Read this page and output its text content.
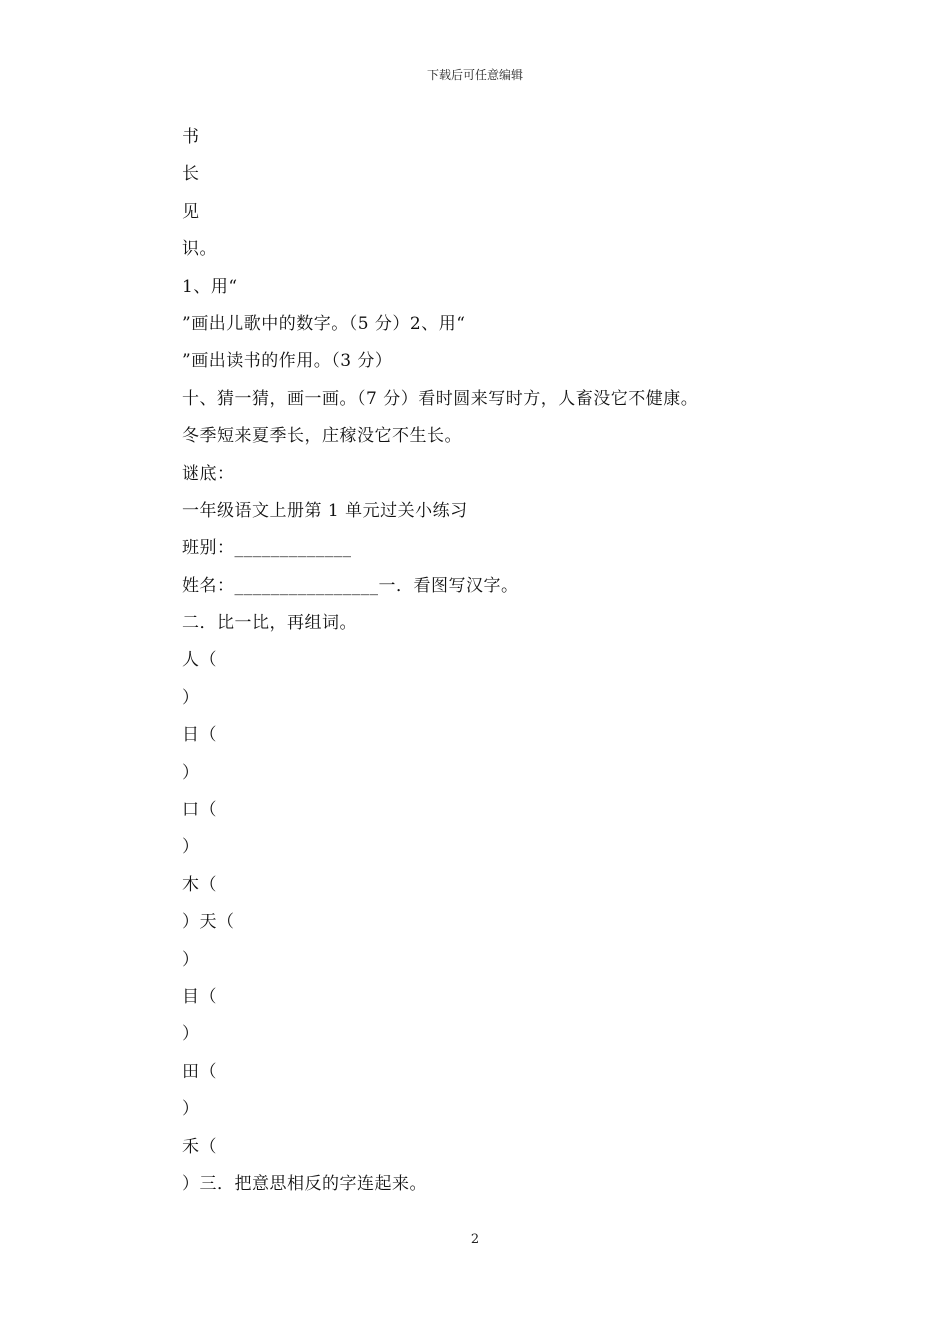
下载后可任意编辑
书
长
见
识。
1、用“
”画出儿歌中的数字。（5 分）2、用“
”画出读书的作用。（3 分）
十、猜一猜，画一画。（7 分）看时圆来写时方，人畜没它不健康。
冬季短来夏季长，庄稼没它不生长。
谜底：
一年级语文上册第 1 单元过关小练习
班别：_____________
姓名：________________一．看图写汉字。
二．比一比，再组词。
人（
）
日（
）
口（
）
木（
）天（
）
目（
）
田（
）
禾（
）三．把意思相反的字连起来。
2
